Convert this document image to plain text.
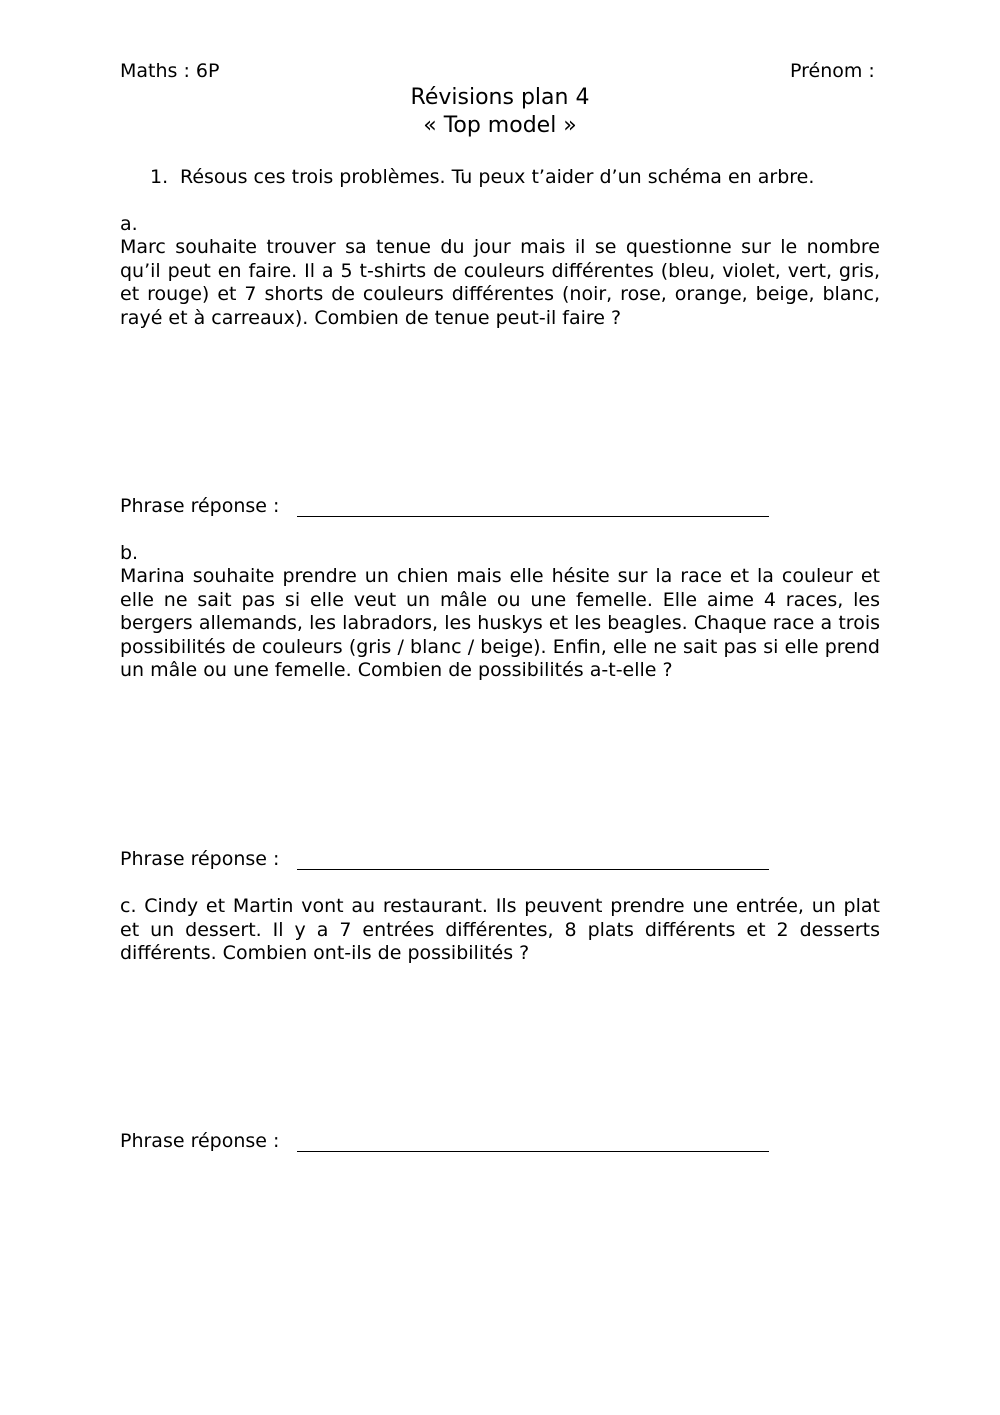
Maths : 6P	Prénom :
Révisions plan 4
« Top model »
1. Résous ces trois problèmes. Tu peux t’aider d’un schéma en arbre.
a.
Marc souhaite trouver sa tenue du jour mais il se questionne sur le nombre qu’il peut en faire. Il a 5 t-shirts de couleurs différentes (bleu, violet, vert, gris, et rouge) et 7 shorts de couleurs différentes (noir, rose, orange, beige, blanc, rayé et à carreaux). Combien de tenue peut-il faire ?
Phrase réponse :
b.
Marina souhaite prendre un chien mais elle hésite sur la race et la couleur et elle ne sait pas si elle veut un mâle ou une femelle. Elle aime 4 races, les bergers allemands, les labradors, les huskys et les beagles. Chaque race a trois possibilités de couleurs (gris / blanc / beige). Enfin, elle ne sait pas si elle prend un mâle ou une femelle. Combien de possibilités a-t-elle ?
Phrase réponse :
c. Cindy et Martin vont au restaurant. Ils peuvent prendre une entrée, un plat et un dessert. Il y a 7 entrées différentes, 8 plats différents et 2 desserts différents. Combien ont-ils de possibilités ?
Phrase réponse :
